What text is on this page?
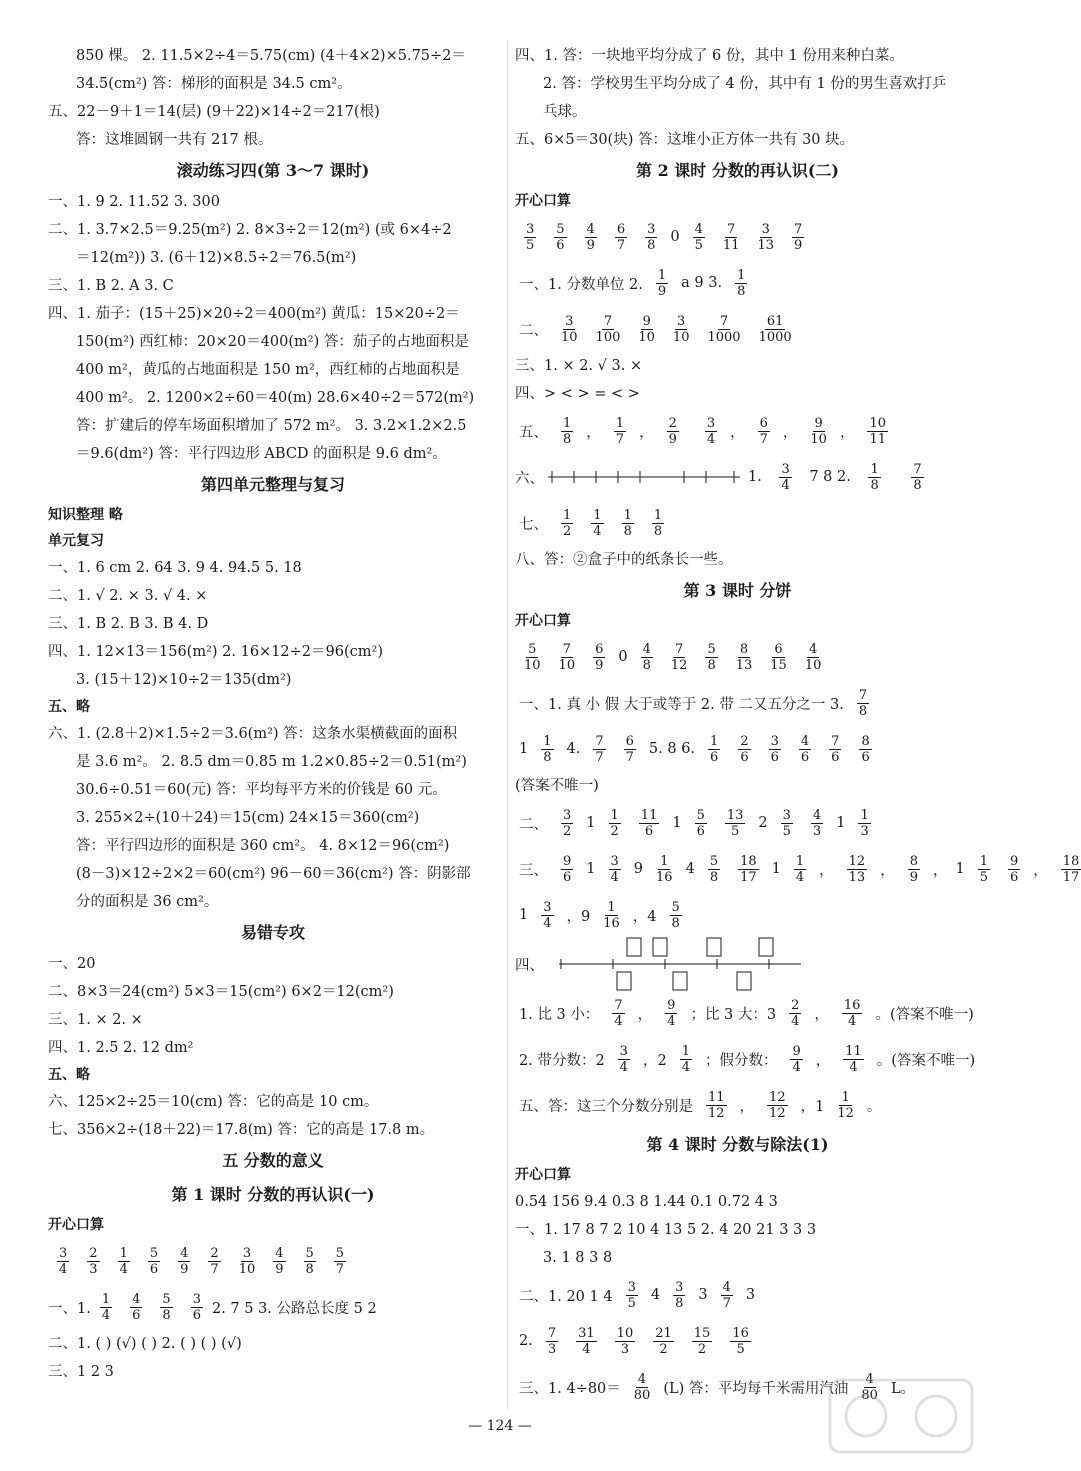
850 棵。 2. 11.5×2÷4＝5.75(cm) (4＋4×2)×5.75÷2＝
34.5(cm²) 答：梯形的面积是 34.5 cm²。
五、22－9＋1＝14(层) (9＋22)×14÷2＝217(根)
答：这堆圆钢一共有 217 根。
滚动练习四(第 3～7 课时)
一、1. 9 2. 11.52 3. 300
二、1. 3.7×2.5＝9.25(m²) 2. 8×3÷2＝12(m²) (或 6×4÷2
＝12(m²)) 3. (6＋12)×8.5÷2＝76.5(m²)
三、1. B 2. A 3. C
四、1. 茄子：(15＋25)×20÷2＝400(m²) 黄瓜：15×20÷2＝
150(m²) 西红柿：20×20＝400(m²) 答：茄子的占地面积是
400 m²，黄瓜的占地面积是 150 m²，西红柿的占地面积是
400 m²。 2. 1200×2÷60＝40(m) 28.6×40÷2＝572(m²)
答：扩建后的停车场面积增加了 572 m²。 3. 3.2×1.2×2.5
＝9.6(dm²) 答：平行四边形 ABCD 的面积是 9.6 dm²。
第四单元整理与复习
知识整理 略
单元复习
一、1. 6 cm 2. 64 3. 9 4. 94.5 5. 18
二、1. √ 2. × 3. √ 4. ×
三、1. B 2. B 3. B 4. D
四、1. 12×13＝156(m²) 2. 16×12÷2＝96(cm²)
3. (15＋12)×10÷2＝135(dm²)
五、略
六、1. (2.8＋2)×1.5÷2＝3.6(m²) 答：这条水渠横截面的面积
是 3.6 m²。 2. 8.5 dm＝0.85 m 1.2×0.85÷2＝0.51(m²)
30.6÷0.51＝60(元) 答：平均每平方米的价钱是 60 元。
3. 255×2÷(10＋24)＝15(cm) 24×15＝360(cm²)
答：平行四边形的面积是 360 cm²。 4. 8×12＝96(cm²)
(8－3)×12÷2×2＝60(cm²) 96－60＝36(cm²) 答：阴影部
分的面积是 36 cm²。
易错专攻
一、20
二、8×3＝24(cm²) 5×3＝15(cm²) 6×2＝12(cm²)
三、1. × 2. ×
四、1. 2.5 2. 12 dm²
五、略
六、125×2÷25＝10(cm) 答：它的高是 10 cm。
七、356×2÷(18＋22)＝17.8(m) 答：它的高是 17.8 m。
五 分数的意义
第 1 课时 分数的再认识(一)
开心口算
$\frac{3}{4} \frac{2}{3} \frac{1}{4} \frac{5}{6} \frac{4}{9} \frac{2}{7} \frac{3}{10} \frac{4}{9} \frac{5}{8} \frac{5}{7}$
一、1. $\frac{1}{4} \frac{4}{6} \frac{5}{8} \frac{3}{6} 2$. 7 5 3. 公路总长度 5 2
二、1. ( ) (√) ( ) 2. ( ) ( ) (√)
三、1 2 3
四、1. 答：一块地平均分成了 6 份，其中 1 份用来种白菜。
2. 答：学校男生平均分成了 4 份，其中有 1 份的男生喜欢打乒
乓球。
五、6×5＝30(块) 答：这堆小正方体一共有 30 块。
第 2 课时 分数的再认识(二)
开心口算
$\frac{3}{5} \frac{5}{6} \frac{4}{9} \frac{6}{7} \frac{3}{8} 0 \frac{4}{5} \frac{7}{11} \frac{3}{13} \frac{7}{9}$
一、1. 分数单位 2. $\frac{1}{9}$ a 9 3. $\frac{1}{8}$
二、 $\frac{3}{10} \frac{7}{100} \frac{9}{10} \frac{3}{10} \frac{7}{1000} \frac{61}{1000}$
三、1. × 2. √ 3. ×
四、> < > = < >
五、 $\frac{1}{8}$ ， $\frac{1}{7}$ ， $\frac{2}{9} \frac{3}{4}$ ， $\frac{6}{7}$ ， $\frac{9}{10}$ ， $\frac{10}{11}$
六、	1. $\frac{3}{4} 7$ 8 2. $\frac{1}{8}$
$\frac{7}{8}$
七、 $\frac{1}{2} \frac{1}{4} \frac{1}{8} \frac{1}{8}$
八、答：②盒子中的纸条长一些。
第 3 课时 分饼
开心口算
$\frac{5}{10} \frac{7}{10} \frac{6}{9} 0 \frac{4}{8} \frac{7}{12} \frac{5}{8} \frac{8}{13} \frac{6}{15} \frac{4}{10}$
一、1. 真 小 假 大于或等于 2. 带 二又五分之一 3. $\frac{7}{8}$
$1 \frac{1}{8} 4$. $\frac{7}{7} \frac{6}{7} 5$. 8 6. $\frac{1}{6} \frac{2}{6} \frac{3}{6} \frac{4}{6} \frac{7}{6} \frac{8}{6}$
(答案不唯一)
二、 $\frac{3}{2} 1 \frac{1}{2} \frac{11}{6} 1 \frac{5}{6} \frac{13}{5} 2 \frac{3}{5} \frac{4}{3} 1 \frac{1}{3}$
三、 $\frac{9}{6} 1 \frac{3}{4} 9 \frac{1}{16} 4 \frac{5}{8} \frac{18}{17} 1 \frac{1}{4}$ ， $\frac{12}{13}$ ， $\frac{8}{9}$ ， $1 \frac{1}{5} \frac{9}{6}$ ， $\frac{18}{17}$
$1 \frac{3}{4}$ ，$9 \frac{1}{16}$ ，$4 \frac{5}{8}$
四、
1. 比 3 小： $\frac{7}{4}$ ， $\frac{9}{4}$ ；比 3 大：$3 \frac{2}{4}$ ， $\frac{16}{4}$ 。(答案不唯一)
2. 带分数：$2 \frac{3}{4}$ ，$2 \frac{1}{4}$ ；假分数： $\frac{9}{4}$ ， $\frac{11}{4}$ 。(答案不唯一)
五、答：这三个分数分别是 $\frac{11}{12}$ ， $\frac{12}{12}$ ，$1 \frac{1}{12}$ 。
第 4 课时 分数与除法(1)
开心口算
0.54 156 9.4 0.3 8 1.44 0.1 0.72 4 3
一、1. 17 8 7 2 10 4 13 5 2. 4 20 21 3 3 3
3. 1 8 3 8
二、1. 20 1 $4 \frac{3}{5} 4 \frac{3}{8} 3 \frac{4}{7} 3$
2. $\frac{7}{3} \frac{31}{4} \frac{10}{3} \frac{21}{2} \frac{15}{2} \frac{16}{5}$
三、1. $4\div 80= \frac{4}{80} (L)$ 答：平均每千米需用汽油 $\frac{4}{80}$ L。
— 124 —
